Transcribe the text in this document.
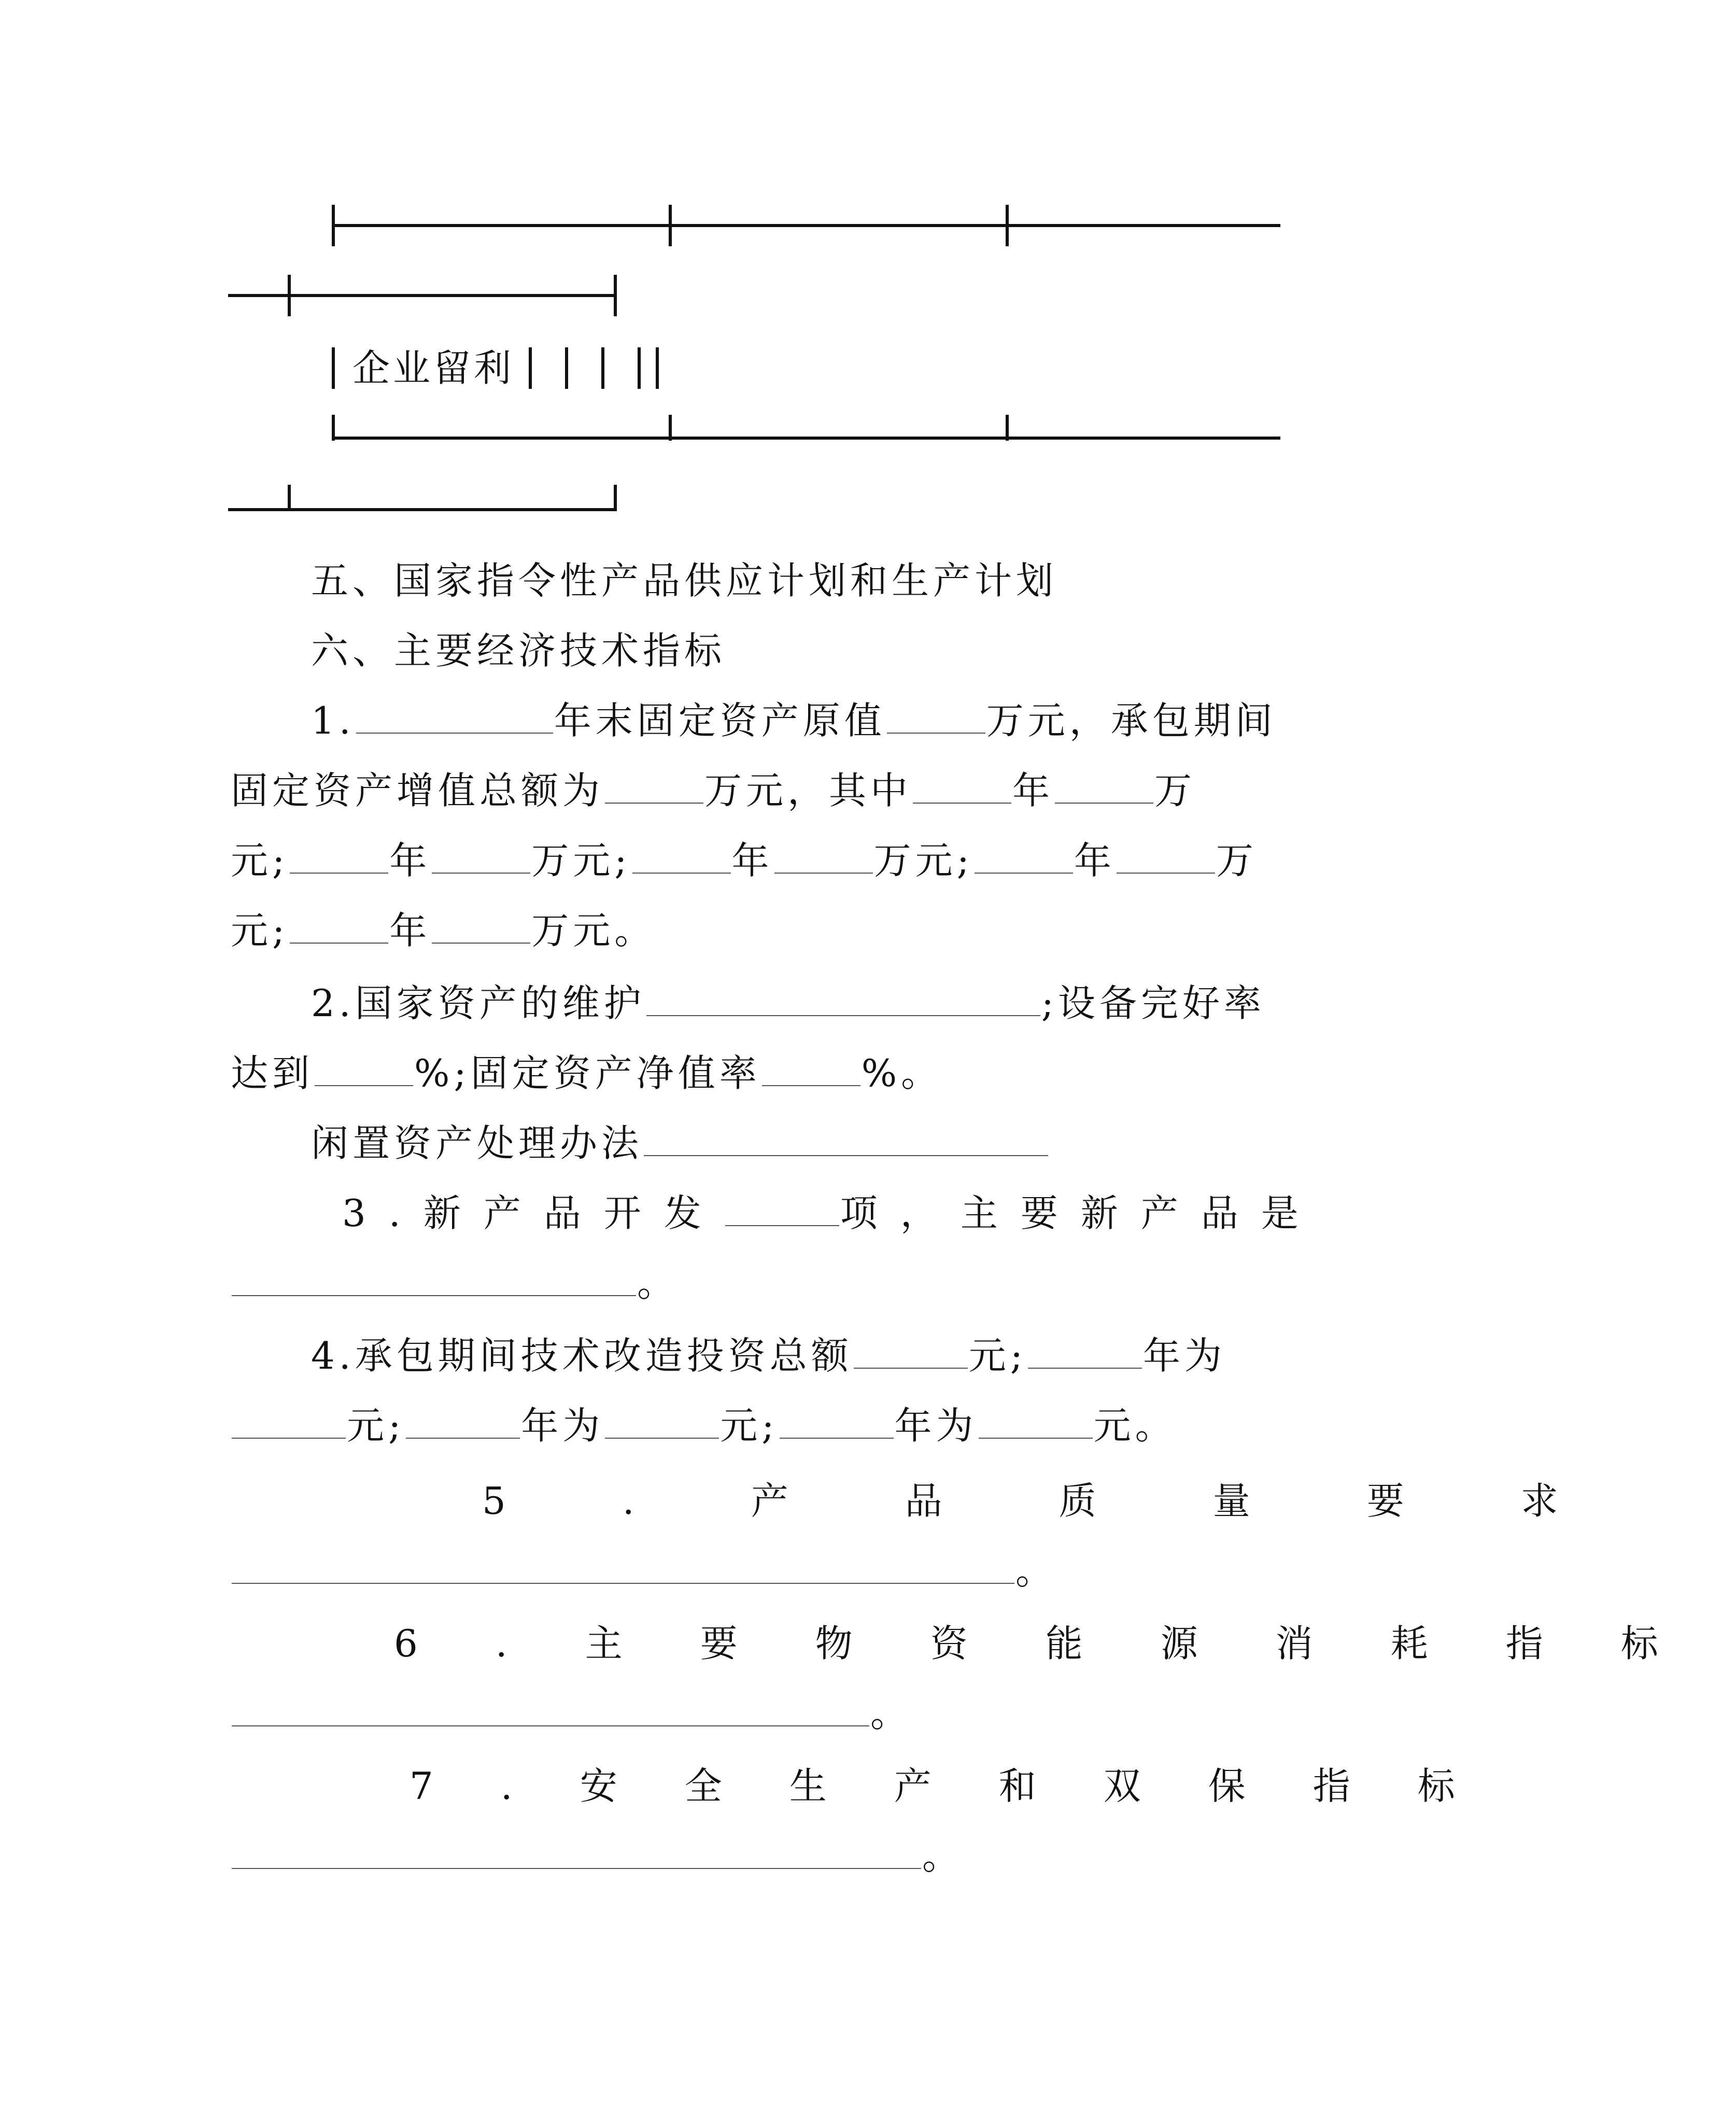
企业留利
五、国家指令性产品供应计划和生产计划
六、主要经济技术指标
1.	年末固定资产原值	万元，承包期间
固定资产增值总额为	万元，其中	年	万
元;	年	万元;	年	万元;	年	万
元;	年	万元。
2.国家资产的维护	;设备完好率
达到	%;固定资产净值率	%。
闲置资产处理办法
3.新产品开发	项，主要新产品是
。
4.承包期间技术改造投资总额	元;	年为
元;	年为	元;	年为	元。
5.产品质量要求
。
6.主要物资能源消耗指标
。
7.安全生产和双保指标
。
